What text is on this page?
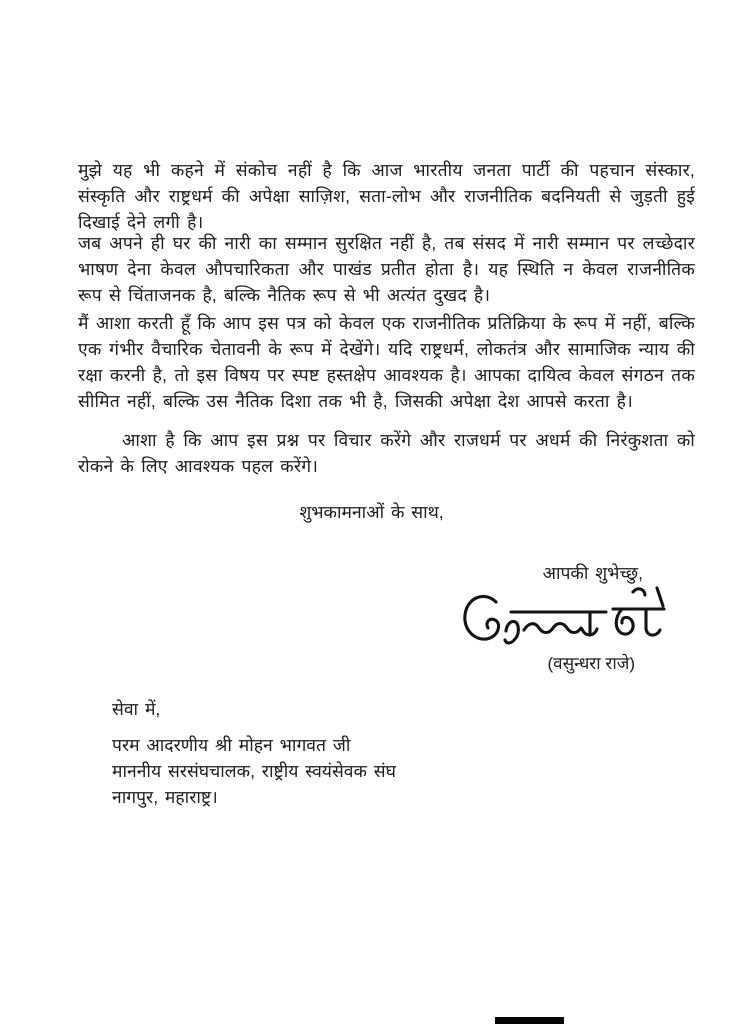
मुझे यह भी कहने में संकोच नहीं है कि आज भारतीय जनता पार्टी की पहचान संस्कार, संस्कृति और राष्ट्रधर्म की अपेक्षा साज़िश, सता-लोभ और राजनीतिक बदनियती से जुड़ती हुई दिखाई देने लगी है।

जब अपने ही घर की नारी का सम्मान सुरक्षित नहीं है, तब संसद में नारी सम्मान पर लच्छेदार भाषण देना केवल औपचारिकता और पाखंड प्रतीत होता है। यह स्थिति न केवल राजनीतिक रूप से चिंताजनक है, बल्कि नैतिक रूप से भी अत्यंत दुखद है।

मैं आशा करती हूँ कि आप इस पत्र को केवल एक राजनीतिक प्रतिक्रिया के रूप में नहीं, बल्कि एक गंभीर वैचारिक चेतावनी के रूप में देखेंगे। यदि राष्ट्रधर्म, लोकतंत्र और सामाजिक न्याय की रक्षा करनी है, तो इस विषय पर स्पष्ट हस्तक्षेप आवश्यक है। आपका दायित्व केवल संगठन तक सीमित नहीं, बल्कि उस नैतिक दिशा तक भी है, जिसकी अपेक्षा देश आपसे करता है।

आशा है कि आप इस प्रश्न पर विचार करेंगे और राजधर्म पर अधर्म की निरंकुशता को रोकने के लिए आवश्यक पहल करेंगे।

शुभकामनाओं के साथ,
आपकी शुभेच्छु,
(वसुन्धरा राजे)
सेवा में,
परम आदरणीय श्री मोहन भागवत जी
माननीय सरसंघचालक, राष्ट्रीय स्वयंसेवक संघ
नागपुर, महाराष्ट्र।
